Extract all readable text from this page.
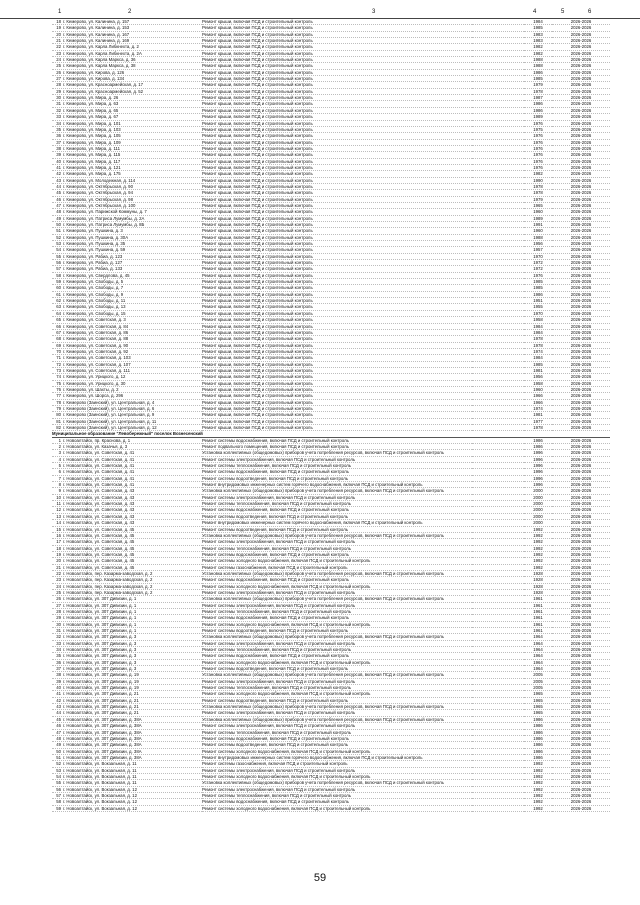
1	2	3	4	5	6
18 г. Кемерово, ул. Калинина, д. 157	Ремонт крыши, включая ПСД и строительный контроль		1984	2026-2026
19 г. Кемерово, ул. Калинина, д. 153	Ремонт крыши, включая ПСД и строительный контроль		1985	2026-2026
20 г. Кемерово, ул. Калинина, д. 167	Ремонт крыши, включая ПСД и строительный контроль		1983	2026-2026
21 г. Кемерово, ул. Калинина, д. 169	Ремонт крыши, включая ПСД и строительный контроль		1983	2026-2026
22 г. Кемерово, ул. Карла Либкнехта, д. 2	Ремонт крыши, включая ПСД и строительный контроль		1982	2026-2026
23 г. Кемерово, ул. Карла Либкнехта, д. 2А	Ремонт крыши, включая ПСД и строительный контроль		1982	2026-2026
24 г. Кемерово, ул. Карла Маркса, д. 36	Ремонт крыши, включая ПСД и строительный контроль		1988	2026-2026
25 г. Кемерово, ул. Карла Маркса, д. 38	Ремонт крыши, включая ПСД и строительный контроль		1988	2026-2026
26 г. Кемерово, ул. Кирова, д. 126	Ремонт крыши, включая ПСД и строительный контроль		1986	2026-2026
27 г. Кемерово, ул. Кирова, д. 134	Ремонт крыши, включая ПСД и строительный контроль		1985	2026-2026
28 г. Кемерово, ул. Красноармейская, д. 17	Ремонт крыши, включая ПСД и строительный контроль		1979	2026-2026
29 г. Кемерово, ул. Красноармейская, д. 52	Ремонт крыши, включая ПСД и строительный контроль		1978	2026-2026
30 г. Кемерово, ул. Мира, д. 26	Ремонт крыши, включая ПСД и строительный контроль		1987	2026-2026
31 г. Кемерово, ул. Мира, д. 63	Ремонт крыши, включая ПСД и строительный контроль		1986	2026-2026
32 г. Кемерово, ул. Мира, д. 65	Ремонт крыши, включая ПСД и строительный контроль		1986	2026-2026
33 г. Кемерово, ул. Мира, д. 67	Ремонт крыши, включая ПСД и строительный контроль		1989	2026-2026
34 г. Кемерово, ул. Мира, д. 101	Ремонт крыши, включая ПСД и строительный контроль		1976	2026-2026
35 г. Кемерово, ул. Мира, д. 103	Ремонт крыши, включая ПСД и строительный контроль		1975	2026-2026
36 г. Кемерово, ул. Мира, д. 105	Ремонт крыши, включая ПСД и строительный контроль		1976	2026-2026
37 г. Кемерово, ул. Мира, д. 109	Ремонт крыши, включая ПСД и строительный контроль		1976	2026-2026
38 г. Кемерово, ул. Мира, д. 111	Ремонт крыши, включая ПСД и строительный контроль		1976	2026-2026
39 г. Кемерово, ул. Мира, д. 115	Ремонт крыши, включая ПСД и строительный контроль		1976	2026-2026
40 г. Кемерово, ул. Мира, д. 117	Ремонт крыши, включая ПСД и строительный контроль		1976	2026-2026
41 г. Кемерово, ул. Мира, д. 121	Ремонт крыши, включая ПСД и строительный контроль		1976	2026-2026
42 г. Кемерово, ул. Мира, д. 175	Ремонт крыши, включая ПСД и строительный контроль		1982	2026-2026
43 г. Кемерово, ул. Молодежная, д. 114	Ремонт крыши, включая ПСД и строительный контроль		1990	2026-2026
44 г. Кемерово, ул. Октябрьская, д. 90	Ремонт крыши, включая ПСД и строительный контроль		1978	2026-2026
45 г. Кемерово, ул. Октябрьская, д. 94	Ремонт крыши, включая ПСД и строительный контроль		1978	2026-2026
46 г. Кемерово, ул. Октябрьская, д. 98	Ремонт крыши, включая ПСД и строительный контроль		1979	2026-2026
47 г. Кемерово, ул. Октябрьская, д. 100	Ремонт крыши, включая ПСД и строительный контроль		1965	2026-2026
48 г. Кемерово, ул. Парижской Коммуны, д. 7	Ремонт крыши, включая ПСД и строительный контроль		1960	2026-2026
49 г. Кемерово, ул. Патриса Лумумбы, д. 2А	Ремонт крыши, включая ПСД и строительный контроль		1989	2026-2026
50 г. Кемерово, ул. Патриса Лумумбы, д. 8Б	Ремонт крыши, включая ПСД и строительный контроль		1991	2026-2026
51 г. Кемерово, ул. Пушкина, д. 3	Ремонт крыши, включая ПСД и строительный контроль		1960	2026-2026
52 г. Кемерово, ул. Пушкина, д. 30А	Ремонт крыши, включая ПСД и строительный контроль		1988	2026-2026
53 г. Кемерово, ул. Пушкина, д. 35	Ремонт крыши, включая ПСД и строительный контроль		1956	2026-2026
54 г. Кемерово, ул. Пушкина, д. 59	Ремонт крыши, включая ПСД и строительный контроль		1957	2026-2026
55 г. Кемерово, ул. Рабиа, д. 123	Ремонт крыши, включая ПСД и строительный контроль		1970	2026-2026
56 г. Кемерово, ул. Рабиа, д. 127	Ремонт крыши, включая ПСД и строительный контроль		1972	2026-2026
57 г. Кемерово, ул. Рабиа, д. 133	Ремонт крыши, включая ПСД и строительный контроль		1972	2026-2026
58 г. Кемерово, ул. Свердлова, д. 45	Ремонт крыши, включая ПСД и строительный контроль		1976	2026-2026
59 г. Кемерово, ул. Свободы, д. 5	Ремонт крыши, включая ПСД и строительный контроль		1985	2026-2026
60 г. Кемерово, ул. Свободы, д. 7	Ремонт крыши, включая ПСД и строительный контроль		1985	2026-2026
61 г. Кемерово, ул. Свободы, д. 9	Ремонт крыши, включая ПСД и строительный контроль		1986	2026-2026
62 г. Кемерово, ул. Свободы, д. 11	Ремонт крыши, включая ПСД и строительный контроль		1951	2026-2026
63 г. Кемерово, ул. Свободы, д. 13	Ремонт крыши, включая ПСД и строительный контроль		1955	2026-2026
64 г. Кемерово, ул. Свободы, д. 15	Ремонт крыши, включая ПСД и строительный контроль		1970	2026-2026
65 г. Кемерово, ул. Советская, д. 3	Ремонт крыши, включая ПСД и строительный контроль		1958	2026-2026
66 г. Кемерово, ул. Советская, д. 84	Ремонт крыши, включая ПСД и строительный контроль		1984	2026-2026
67 г. Кемерово, ул. Советская, д. 86	Ремонт крыши, включая ПСД и строительный контроль		1984	2026-2026
68 г. Кемерово, ул. Советская, д. 88	Ремонт крыши, включая ПСД и строительный контроль		1978	2026-2026
69 г. Кемерово, ул. Советская, д. 90	Ремонт крыши, включая ПСД и строительный контроль		1978	2026-2026
70 г. Кемерово, ул. Советская, д. 92	Ремонт крыши, включая ПСД и строительный контроль		1974	2026-2026
71 г. Кемерово, ул. Советская, д. 103	Ремонт крыши, включая ПСД и строительный контроль		1984	2026-2026
72 г. Кемерово, ул. Советская, д. 107	Ремонт крыши, включая ПСД и строительный контроль		1985	2026-2026
73 г. Кемерово, ул. Советская, д. 111	Ремонт крыши, включая ПСД и строительный контроль		1981	2026-2026
74 г. Кемерово, ул. Урицкого, д. 12	Ремонт крыши, включая ПСД и строительный контроль		1956	2026-2026
75 г. Кемерово, ул. Урицкого, д. 30	Ремонт крыши, включая ПСД и строительный контроль		1958	2026-2026
76 г. Кемерово, ул. Шахты, д. 2	Ремонт крыши, включая ПСД и строительный контроль		1960	2026-2026
77 г. Кемерово, ул. Шорса, д. 296	Ремонт крыши, включая ПСД и строительный контроль		1966	2026-2026
78 г. Кемерово (Заинский), ул. Центральная, д. 4	Ремонт крыши, включая ПСД и строительный контроль		1966	2026-2026
79 г. Кемерово (Заинский), ул. Центральная, д. 6	Ремонт крыши, включая ПСД и строительный контроль		1974	2026-2026
80 г. Кемерово (Заинский), ул. Центральная, д. 9	Ремонт крыши, включая ПСД и строительный контроль		1981	2026-2026
81 г. Кемерово (Заинский), ул. Центральная, д. 11	Ремонт крыши, включая ПСД и строительный контроль		1977	2026-2026
82 г. Кемерово (Заинский), ул. Центральная, д. 12	Ремонт крыши, включая ПСД и строительный контроль		1978	2026-2026
Муниципальное образование "Левобережный" поселок Вознесенский				
1 г. Новоалтайск, пр. Краснова, д. 1	Ремонт системы водоснабжения, включая ПСД и строительный контроль		1986	2026-2026
2 г. Новоалтайск, ул. Казачья, д. 3	Ремонт подвального помещения, включая ПСД и строительный контроль		1986	2026-2026
3 г. Новоалтайск, ул. Советская, д. 41	Установка коллективных (общедомовых) приборов учета потребления ресурсов, включая ПСД и строительный контроль		1996	2026-2026
4 г. Новоалтайск, ул. Советская, д. 41	Ремонт системы электроснабжения, включая ПСД и строительный контроль		1996	2026-2026
5 г. Новоалтайск, ул. Советская, д. 41	Ремонт системы теплоснабжения, включая ПСД и строительный контроль		1996	2026-2026
6 г. Новоалтайск, ул. Советская, д. 41	Ремонт системы водоснабжения, включая ПСД и строительный контроль		1996	2026-2026
7 г. Новоалтайск, ул. Советская, д. 41	Ремонт системы водоотведения, включая ПСД и строительный контроль		1996	2026-2026
8 г. Новоалтайск, ул. Советская, д. 41	Ремонт внутридомовых инженерных систем горячего водоснабжения, включая ПСД и строительный контроль		1996	2026-2026
9 г. Новоалтайск, ул. Советская, д. 43	Установка коллективных (общедомовых) приборов учета потребления ресурсов, включая ПСД и строительный контроль		2000	2026-2026
10 г. Новоалтайск, ул. Советская, д. 43	Ремонт системы электроснабжения, включая ПСД и строительный контроль		2000	2026-2026
11 г. Новоалтайск, ул. Советская, д. 43	Ремонт системы теплоснабжения, включая ПСД и строительный контроль		2000	2026-2026
12 г. Новоалтайск, ул. Советская, д. 43	Ремонт системы водоснабжения, включая ПСД и строительный контроль		2000	2026-2026
13 г. Новоалтайск, ул. Советская, д. 43	Ремонт системы водоотведения, включая ПСД и строительный контроль		2000	2026-2026
14 г. Новоалтайск, ул. Советская, д. 43	Ремонт внутридомовых инженерных систем горячего водоснабжения, включая ПСД и строительный контроль		2000	2026-2026
15 г. Новоалтайск, ул. Советская, д. 45	Ремонт системы водоотведения, включая ПСД и строительный контроль		1992	2026-2026
16 г. Новоалтайск, ул. Советская, д. 45	Установка коллективных (общедомовых) приборов учета потребления ресурсов, включая ПСД и строительный контроль		1992	2026-2026
17 г. Новоалтайск, ул. Советская, д. 45	Ремонт системы электроснабжения, включая ПСД и строительный контроль		1992	2026-2026
18 г. Новоалтайск, ул. Советская, д. 45	Ремонт системы теплоснабжения, включая ПСД и строительный контроль		1992	2026-2026
19 г. Новоалтайск, ул. Советская, д. 45	Ремонт системы водоснабжения, включая ПСД и строительный контроль		1992	2026-2026
20 г. Новоалтайск, ул. Советская, д. 45	Ремонт системы холодного водоснабжения, включая ПСД и строительный контроль		1992	2026-2026
21 г. Новоалтайск, ул. Советская, д. 45	Ремонт системы газоснабжения, включая ПСД и строительный контроль		1992	2026-2026
22 г. Новоалтайск, пер. Казарма-заводская, д. 2	Установка коллективных (общедомовых) приборов учета потребления ресурсов, включая ПСД и строительный контроль		1928	2026-2026
23 г. Новоалтайск, пер. Казарма-заводская, д. 2	Ремонт системы водоснабжения, включая ПСД и строительный контроль		1928	2026-2026
24 г. Новоалтайск, пер. Казарма-заводская, д. 2	Ремонт системы холодного водоснабжения, включая ПСД и строительный контроль		1928	2026-2026
25 г. Новоалтайск, пер. Казарма-заводская, д. 2	Ремонт системы электроснабжения, включая ПСД и строительный контроль		1928	2026-2026
26 г. Новоалтайск, ул. 307 Дивизии, д. 1	Установка коллективных (общедомовых) приборов учета потребления ресурсов, включая ПСД и строительный контроль		1961	2026-2026
27 г. Новоалтайск, ул. 307 Дивизии, д. 1	Ремонт системы электроснабжения, включая ПСД и строительный контроль		1961	2026-2026
28 г. Новоалтайск, ул. 307 Дивизии, д. 1	Ремонт системы теплоснабжения, включая ПСД и строительный контроль		1961	2026-2026
29 г. Новоалтайск, ул. 307 Дивизии, д. 1	Ремонт системы водоснабжения, включая ПСД и строительный контроль		1961	2026-2026
30 г. Новоалтайск, ул. 307 Дивизии, д. 1	Ремонт системы холодного водоснабжения, включая ПСД и строительный контроль		1961	2026-2026
31 г. Новоалтайск, ул. 307 Дивизии, д. 1	Ремонт системы водоотведения, включая ПСД и строительный контроль		1961	2026-2026
32 г. Новоалтайск, ул. 307 Дивизии, д. 3	Установка коллективных (общедомовых) приборов учета потребления ресурсов, включая ПСД и строительный контроль		1964	2026-2026
33 г. Новоалтайск, ул. 307 Дивизии, д. 3	Ремонт системы электроснабжения, включая ПСД и строительный контроль		1964	2026-2026
34 г. Новоалтайск, ул. 307 Дивизии, д. 3	Ремонт системы теплоснабжения, включая ПСД и строительный контроль		1964	2026-2026
35 г. Новоалтайск, ул. 307 Дивизии, д. 3	Ремонт системы водоснабжения, включая ПСД и строительный контроль		1964	2026-2026
36 г. Новоалтайск, ул. 307 Дивизии, д. 3	Ремонт системы холодного водоснабжения, включая ПСД и строительный контроль		1964	2026-2026
37 г. Новоалтайск, ул. 307 Дивизии, д. 3	Ремонт системы водоотведения, включая ПСД и строительный контроль		1964	2026-2026
38 г. Новоалтайск, ул. 307 Дивизии, д. 19	Установка коллективных (общедомовых) приборов учета потребления ресурсов, включая ПСД и строительный контроль		2005	2026-2026
39 г. Новоалтайск, ул. 307 Дивизии, д. 19	Ремонт системы электроснабжения, включая ПСД и строительный контроль		2005	2026-2026
40 г. Новоалтайск, ул. 307 Дивизии, д. 19	Ремонт системы теплоснабжения, включая ПСД и строительный контроль		2005	2026-2026
41 г. Новоалтайск, ул. 307 Дивизии, д. 21	Ремонт системы холодного водоснабжения, включая ПСД и строительный контроль		1965	2026-2026
42 г. Новоалтайск, ул. 307 Дивизии, д. 21	Ремонт системы водоотведения, включая ПСД и строительный контроль		1965	2026-2026
43 г. Новоалтайск, ул. 307 Дивизии, д. 21	Установка коллективных (общедомовых) приборов учета потребления ресурсов, включая ПСД и строительный контроль		1965	2026-2026
44 г. Новоалтайск, ул. 307 Дивизии, д. 21	Ремонт системы электроснабжения, включая ПСД и строительный контроль		1965	2026-2026
45 г. Новоалтайск, ул. 307 Дивизии, д. 38А	Установка коллективных (общедомовых) приборов учета потребления ресурсов, включая ПСД и строительный контроль		1986	2026-2026
46 г. Новоалтайск, ул. 307 Дивизии, д. 38А	Ремонт системы электроснабжения, включая ПСД и строительный контроль		1986	2026-2026
47 г. Новоалтайск, ул. 307 Дивизии, д. 38А	Ремонт системы теплоснабжения, включая ПСД и строительный контроль		1986	2026-2026
48 г. Новоалтайск, ул. 307 Дивизии, д. 38А	Ремонт системы водоснабжения, включая ПСД и строительный контроль		1986	2026-2026
49 г. Новоалтайск, ул. 307 Дивизии, д. 38А	Ремонт системы водоотведения, включая ПСД и строительный контроль		1986	2026-2026
50 г. Новоалтайск, ул. 307 Дивизии, д. 38А	Ремонт системы холодного водоснабжения, включая ПСД и строительный контроль		1986	2026-2026
51 г. Новоалтайск, ул. 307 Дивизии, д. 38А	Ремонт внутридомовых инженерных систем горячего водоснабжения, включая ПСД и строительный контроль		1986	2026-2026
52 г. Новоалтайск, ул. Вокзальная, д. 11	Ремонт системы газоснабжения, включая ПСД и строительный контроль		1992	2026-2026
53 г. Новоалтайск, ул. Вокзальная, д. 11	Ремонт системы электроснабжения, включая ПСД и строительный контроль		1992	2026-2026
54 г. Новоалтайск, ул. Вокзальная, д. 11	Ремонт системы холодного водоснабжения, включая ПСД и строительный контроль		1992	2026-2026
55 г. Новоалтайск, ул. Вокзальная, д. 11	Установка коллективных (общедомовых) приборов учета потребления ресурсов, включая ПСД и строительный контроль		1992	2026-2026
56 г. Новоалтайск, ул. Вокзальная, д. 12	Ремонт системы электроснабжения, включая ПСД и строительный контроль		1992	2026-2026
57 г. Новоалтайск, ул. Вокзальная, д. 12	Ремонт системы теплоснабжения, включая ПСД и строительный контроль		1992	2026-2026
58 г. Новоалтайск, ул. Вокзальная, д. 12	Ремонт системы водоснабжения, включая ПСД и строительный контроль		1992	2026-2026
59 г. Новоалтайск, ул. Вокзальная, д. 12	Ремонт системы холодного водоснабжения, включая ПСД и строительный контроль		1992	2026-2026
59
